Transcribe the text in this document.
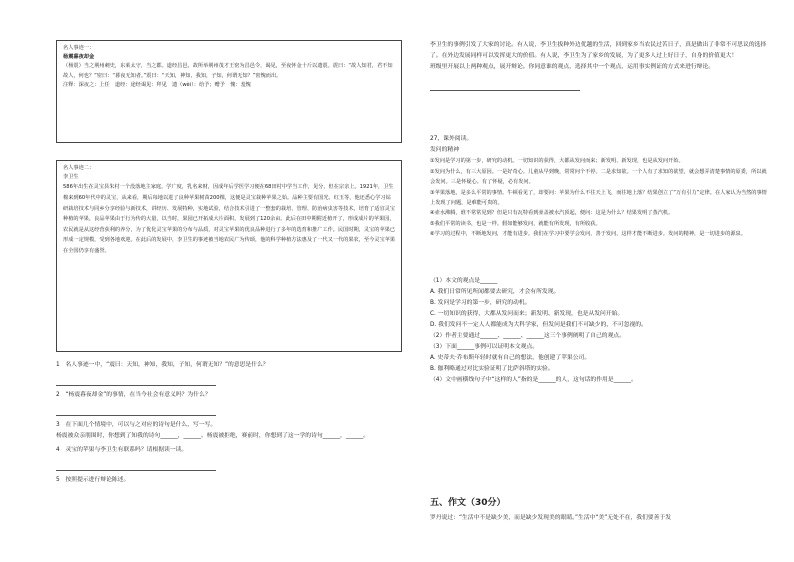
名人事迹一：

杨震暮夜却金

（杨震）当之荆州刺史，东莱太守，当之郡。道经昌邑，故所举荆州茂才王密为昌邑令，谒见，至夜怀金十斤以遗震。震曰：“故人知君，君不知故人，何也？”密曰：“暮夜无知者。”震曰：“天知，神知，我知，子知，何谓无知？”密愧而出。

注释：深夜之：上任　道经：途经谒见：拜见　遗（wèi）：给予；赠予　愧：羞愧

名人事迹二：

李卫生

586年出生在灵宝县朱村一个没落地主家庭，学广度，乳名来财，因成年后学医学习便在68田村中学当工作，见分，但在宗亲上。1921年，卫生棉来到60年代中的灵宝，从来看，期后每地以进了良种苹果树苗200棵，这便是灵宝栽种苹果之始。品种主要有国光、红玉等，他还悉心学习钻研栽培技术与同乡分享经验与新技术，讲经历、发展特种，实地试验，结合技术引进了一整套的栽培、管理、防治病虫害等技术，培育了适宜灵宝种植的苹果，良品苹果由于行为传的大量，以当时，果园已开拓成大片面积，发展到了120余亩。此后在田中期附近植开了，形成成片的苹果园，农民就是从这经营获利的养分，为了优化灵宝苹果的分布与品质，对灵宝苹果的优良品种进行了多年的选育和推广工作。民国时期，灵宝的苹果已形成一定规模，受到各地欢迎。在此后的发展中，李卫生的事迹被当地农民广为传颂，他的科学种植方法惠及了一代又一代的果农，至今灵宝苹果在全国仍享有盛誉。

1　名人事迹一中，“震曰：天知，神知，我知，子知，何谓无知？”的意思是什么？

2　“杨震暮夜却金”的事情，在当今社会有意义吗？为什么？

3　在下面几个情境中，可以与之对应的诗句是什么，写一写。

杨震被众亲朋围时，你想到了知我的诗句______，______。杨震被拒绝，赛前时，你想到了这一学的诗句______，______。

4　灵宝的苹果与李卫生有联系吗？请根据读一读。

5　按照提示进行辩论陈述。

李卫生的事例引发了大家的讨论。有人说，李卫生拔种外边优越的生活，回到家乡当农民过苦日子，真是做出了非常不可思议的选择了。在外边发展同样可以发挥更大的价值。有人说，李卫生为了家乡的发展，为了更多人过上好日子，自身的价值更大！

班级里开展以上两种观点，展开辩论。你同意谁的观点，选择其中一个观点，运用事实例证的方式来进行辩论。

27、课外阅读。

发问的精神

①发问是学习的第一步，研究的动机。一切知识的获得，大都从发问而来；新发明、新发现，也是从发问开始。

②发问为什么，有三大原因。一是好奇心。儿童从早到晚，常常问个不停。二是求知欲。一个人有了求知的欲望，就会想弄清楚事情的原委，所以就会发问。三是怀疑心。有了怀疑，必有发问。

③苹果落地，是多么平常的事情。牛顿看见了，却要问：苹果为什么不往天上飞，而往地上落？结果创立了“万有引力”定律。在人家认为当然的事情上发现了问题，是难能可贵的。

④壶水沸腾，谁不常常见到？但是只有瓦特看到壶盖被水汽顶起，便问：这是为什么？结果发明了蒸汽机。

⑤我们平常的读书，也是一样。假如能够发问，就能有所发现，有所收获。

⑥学习的过程中，不断地发问，才能有进步。我们在学习中要学会发问，善于发问，这样才能不断进步。发问的精神，是一切进步的源泉。

（1）本文的观点是______

A. 我们日常所见所闻都要去研究，才会有所发现。

B. 发问是学习的第一步，研究的动机。

C. 一切知识的获得，大都从发问而来；新发明、新发现，也是从发问开始。

D. 我们发问不一定人人都能成为大科学家，但发问是我们不可缺少的，不可忽视的。

（2）作者主要通过______、______、______这三个事例阐明了自己的观点。

（3）下面______事例可以证明本文观点。

A. 史蒂夫·乔布斯年轻时就有自己的想法，他创建了苹果公司。

B. 伽利略通过对比实验证明了比萨斜塔的实验。

（4）文中画横线句子中“这样的人”指的是______的人，这句话的作用是______。

五、作文（30分）

罗丹说过：“生活中不是缺少美，而是缺少发现美的眼睛。”生活中“美”无处不在，我们要善于发
